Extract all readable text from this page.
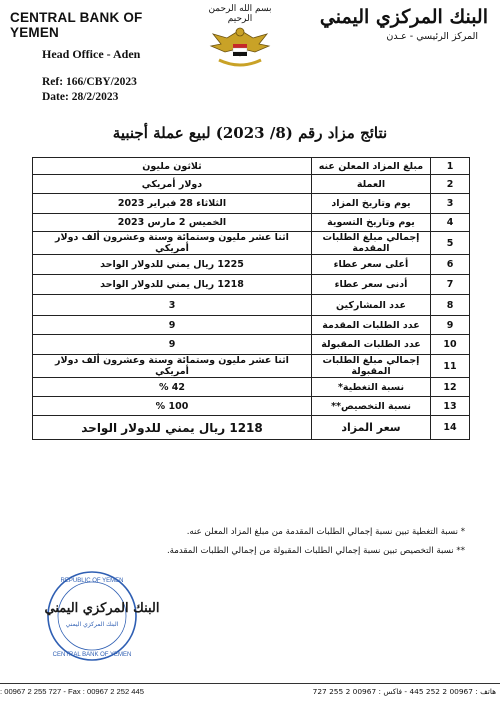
CENTRAL BANK OF YEMEN
Head Office - Aden
Ref: 166/CBY/2023
Date: 28/2/2023
بسم الله الرحمن الرحيم	البنك المركزي اليمني
المركز الرئيسي - عـدن
نتائج مزاد رقم (8/ 2023) لبيع عملة أجنبية
1	مبلغ المزاد المعلن عنه	ثلاثون مليون
2	العملة	دولار أمريكي
3	يوم وتاريخ المزاد	الثلاثاء 28 فبراير 2023
4	يوم وتاريخ التسوية	الخميس 2 مارس 2023
5	إجمالي مبلغ الطلبات المقدمة	اثنا عشر مليون وستمائة وستة وعشرون ألف دولار أمريكي
6	أعلى سعر عطاء	1225 ريال يمني للدولار الواحد
7	أدنى سعر عطاء	1218 ريال يمني للدولار الواحد
8	عدد المشاركين	3
9	عدد الطلبات المقدمة	9
10	عدد الطلبات المقبولة	9
11	إجمالي مبلغ الطلبات المقبولة	اثنا عشر مليون وستمائة وستة وعشرون ألف دولار أمريكي
12	نسبة التغطية*	42 %
13	نسبة التخصيص**	100 %
14	سعر المزاد	1218 ريال يمني للدولار الواحد
* نسبة التغطية تبين نسبة إجمالي الطلبات المقدمة من مبلغ المزاد المعلن عنه.
** نسبة التخصيص تبين نسبة إجمالي الطلبات المقبولة من إجمالي الطلبات المقدمة.
REPUBLIC OF YEMEN
البنك المركزي اليمني
CENTRAL BANK OF YEMEN
البنك المركزي اليمني
: 00967 2 255 727 - Fax : 00967 2 252 445	هاتف : 00967 2 252 445 - فاكس : 00967 2 255 727
